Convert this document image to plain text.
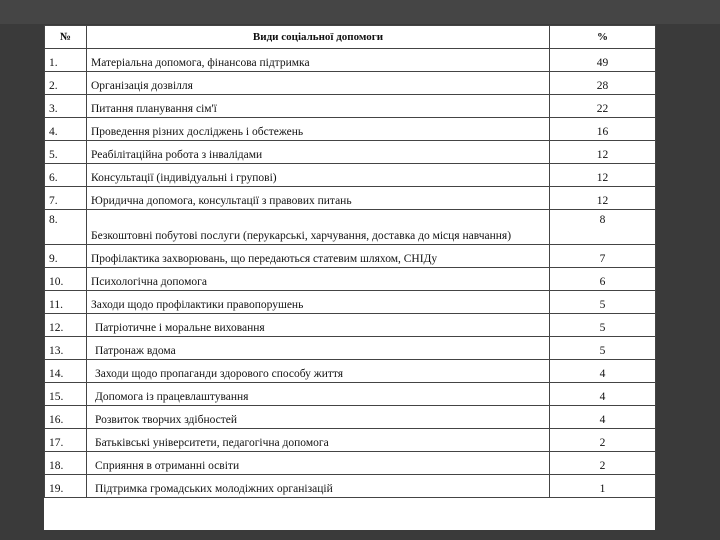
№	Види соціальної допомоги	%
1.	Матеріальна допомога, фінансова підтримка	49
2.	Організація дозвілля	28
3.	Питання планування сім'ї	22
4.	Проведення різних досліджень і обстежень	16
5.	Реабілітаційна робота з інвалідами	12
6.	Консультації (індивідуальні і групові)	12
7.	Юридична допомога, консультації з правових питань	12
8.	Безкоштовні побутові послуги (перукарські, харчування, доставка до місця навчання)	8
9.	Профілактика захворювань, що передаються статевим шляхом, СНІДу	7
10.	Психологічна допомога	6
11.	Заходи щодо профілактики правопорушень	5
12.	Патріотичне і моральне виховання	5
13.	Патронаж вдома	5
14.	Заходи щодо пропаганди здорового способу життя	4
15.	Допомога із працевлаштування	4
16.	Розвиток творчих здібностей	4
17.	Батьківські університети, педагогічна допомога	2
18.	Сприяння в отриманні освіти	2
19.	Підтримка громадських молодіжних організацій	1
